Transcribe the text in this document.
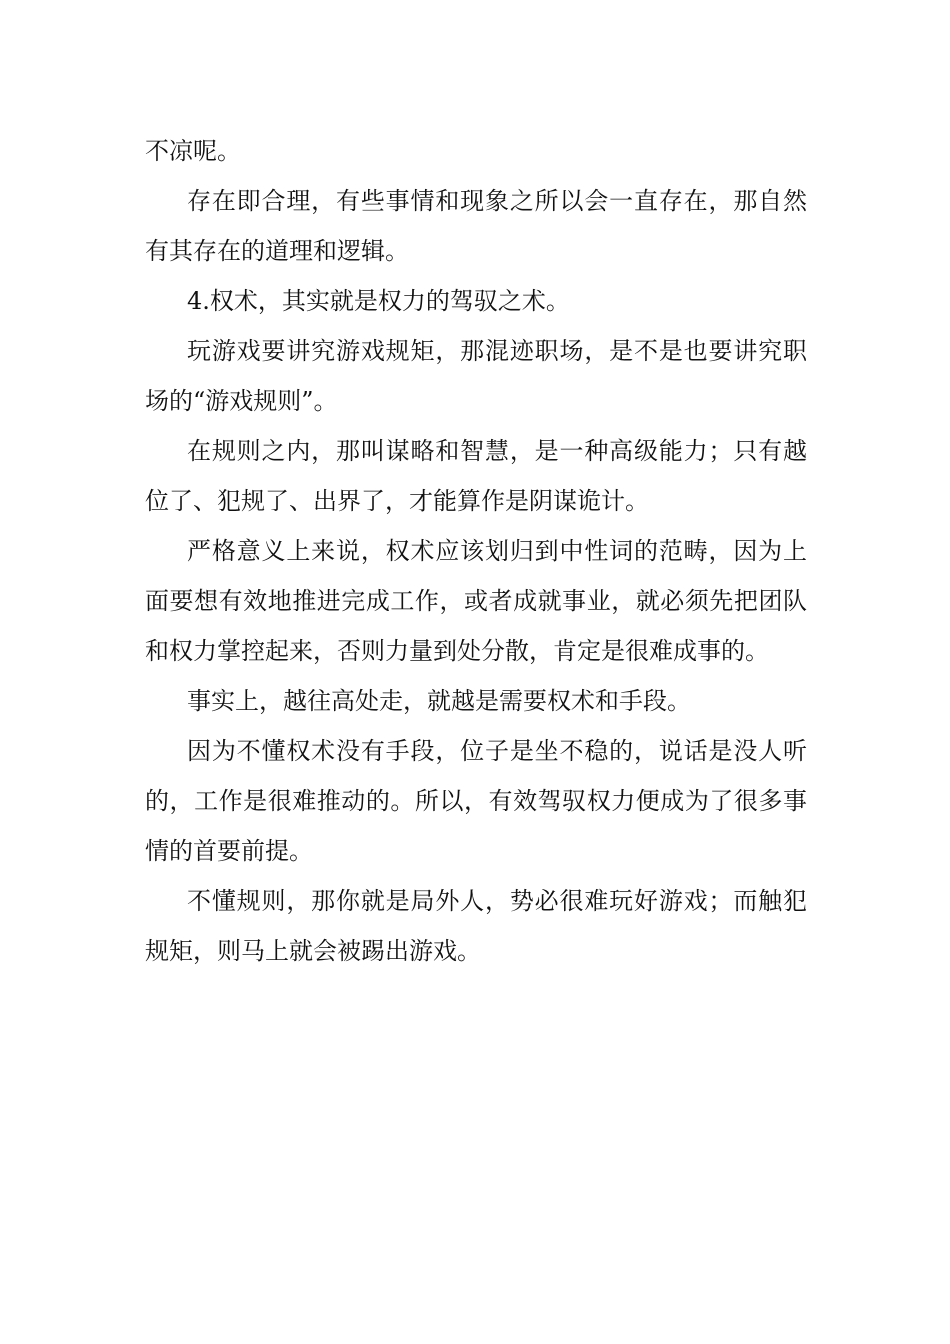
不凉呢。

存在即合理，有些事情和现象之所以会一直存在，那自然有其存在的道理和逻辑。

4.权术，其实就是权力的驾驭之术。

玩游戏要讲究游戏规矩，那混迹职场，是不是也要讲究职场的“游戏规则”。

在规则之内，那叫谋略和智慧，是一种高级能力；只有越位了、犯规了、出界了，才能算作是阴谋诡计。

严格意义上来说，权术应该划归到中性词的范畴，因为上面要想有效地推进完成工作，或者成就事业，就必须先把团队和权力掌控起来，否则力量到处分散，肯定是很难成事的。

事实上，越往高处走，就越是需要权术和手段。

因为不懂权术没有手段，位子是坐不稳的，说话是没人听的，工作是很难推动的。所以，有效驾驭权力便成为了很多事情的首要前提。

不懂规则，那你就是局外人，势必很难玩好游戏；而触犯规矩，则马上就会被踢出游戏。
